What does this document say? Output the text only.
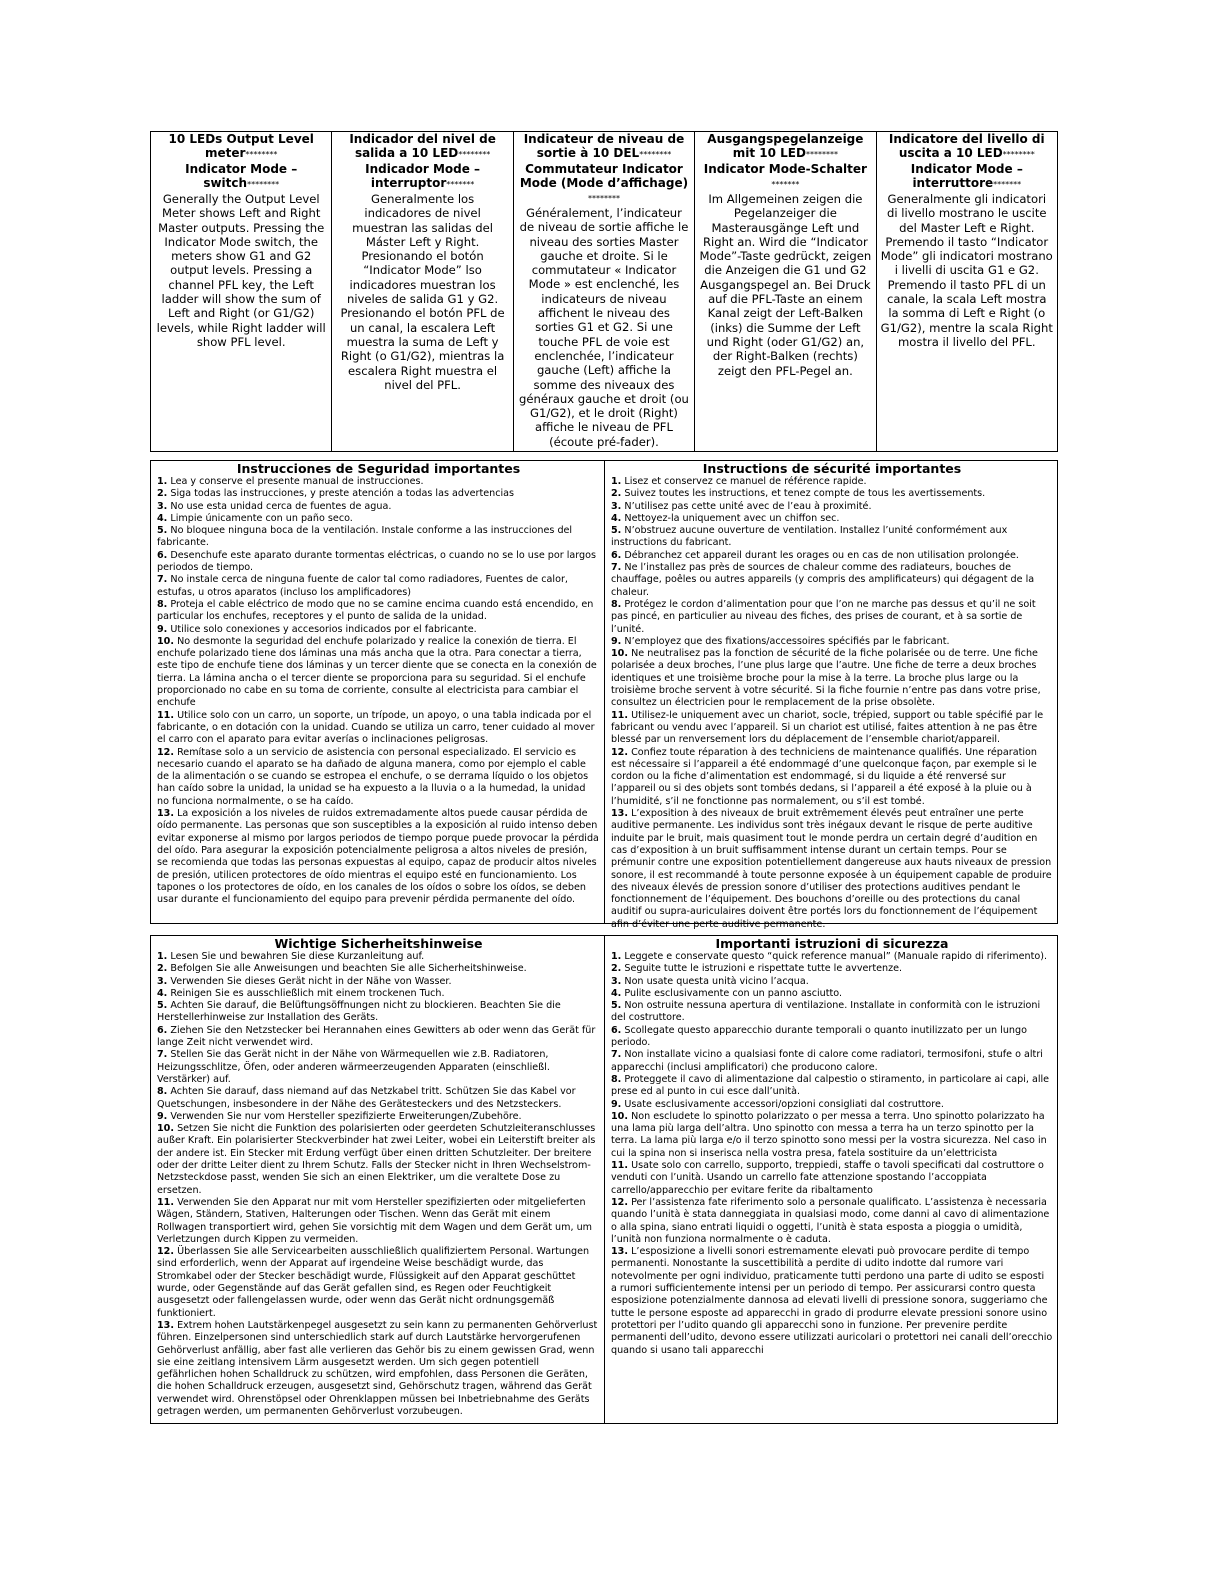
10 LEDs Output Level
meter********
Indicator Mode –
switch********
Generally the Output Level Meter shows Left and Right Master outputs. Pressing the Indicator Mode switch, the meters show G1 and G2 output levels. Pressing a channel PFL key, the Left ladder will show the sum of Left and Right (or G1/G2) levels, while Right ladder will show PFL level.

Indicador del nivel de
salida a 10 LED********
Indicador Mode –
interruptor*******
Generalmente los indicadores de nivel muestran las salidas del Máster Left y Right. Presionando el botón “Indicator Mode” lso indicadores muestran los niveles de salida G1 y G2. Presionando el botón PFL de un canal, la escalera Left muestra la suma de Left y Right (o G1/G2), mientras la escalera Right muestra el nivel del PFL.

Indicateur de niveau de
sortie à 10 DEL********
Commutateur Indicator
Mode (Mode d’affichage)
********
Généralement, l’indicateur de niveau de sortie affiche le niveau des sorties Master gauche et droite. Si le commutateur « Indicator Mode » est enclenché, les indicateurs de niveau affichent le niveau des sorties G1 et G2. Si une touche PFL de voie est enclenchée, l’indicateur gauche (Left) affiche la somme des niveaux des généraux gauche et droit (ou G1/G2), et le droit (Right) affiche le niveau de PFL (écoute pré-fader).

Ausgangspegelanzeige
mit 10 LED********
Indicator Mode-Schalter
*******
Im Allgemeinen zeigen die Pegelanzeiger die Masterausgänge Left und Right an. Wird die “Indicator Mode”-Taste gedrückt, zeigen die Anzeigen die G1 und G2 Ausgangspegel an. Bei Druck auf die PFL-Taste an einem Kanal zeigt der Left-Balken (inks) die Summe der Left und Right (oder G1/G2) an, der Right-Balken (rechts) zeigt den PFL-Pegel an.

Indicatore del livello di
uscita a 10 LED********
Indicator Mode –
interruttore*******
Generalmente gli indicatori di livello mostrano le uscite del Master Left e Right. Premendo il tasto “Indicator Mode” gli indicatori mostrano i livelli di uscita G1 e G2. Premendo il tasto PFL di un canale, la scala Left mostra la somma di Left e Right (o G1/G2), mentre la scala Right mostra il livello del PFL.
Instrucciones de Seguridad importantes
1. Lea y conserve el presente manual de instrucciones.
2. Siga todas las instrucciones, y preste atención a todas las advertencias
3. No use esta unidad cerca de fuentes de agua.
4. Limpie únicamente con un paño seco.
5. No bloquee ninguna boca de la ventilación. Instale conforme a las instrucciones del fabricante.
6. Desenchufe este aparato durante tormentas eléctricas, o cuando no se lo use por largos periodos de tiempo.
7. No instale cerca de ninguna fuente de calor tal como radiadores, Fuentes de calor, estufas, u otros aparatos (incluso los amplificadores)
8. Proteja el cable eléctrico de modo que no se camine encima cuando está encendido, en particular los enchufes, receptores y el punto de salida de la unidad.
9. Utilice solo conexiones y accesorios indicados por el fabricante.
10. No desmonte la seguridad del enchufe polarizado y realice la conexión de tierra. El enchufe polarizado tiene dos láminas una más ancha que la otra. Para conectar a tierra, este tipo de enchufe tiene dos láminas y un tercer diente que se conecta en la conexión de tierra. La lámina ancha o el tercer diente se proporciona para su seguridad. Si el enchufe proporcionado no cabe en su toma de corriente, consulte al electricista para cambiar el enchufe
11. Utilice solo con un carro, un soporte, un trípode, un apoyo, o una tabla indicada por el fabricante, o en dotación con la unidad. Cuando se utiliza un carro, tener cuidado al mover el carro con el aparato para evitar averías o inclinaciones peligrosas.
12. Remítase solo a un servicio de asistencia con personal especializado. El servicio es necesario cuando el aparato se ha dañado de alguna manera, como por ejemplo el cable de la alimentación o se cuando se estropea el enchufe, o se derrama líquido o los objetos han caído sobre la unidad, la unidad se ha expuesto a la lluvia o a la humedad, la unidad no funciona normalmente, o se ha caído.
13. La exposición a los niveles de ruidos extremadamente altos puede causar pérdida de oído permanente. Las personas que son susceptibles a la exposición al ruido intenso deben evitar exponerse al mismo por largos periodos de tiempo porque puede provocar la pérdida del oído. Para asegurar la exposición potencialmente peligrosa a altos niveles de presión, se recomienda que todas las personas expuestas al equipo, capaz de producir altos niveles de presión, utilicen protectores de oído mientras el equipo esté en funcionamiento. Los tapones o los protectores de oído, en los canales de los oídos o sobre los oídos, se deben usar durante el funcionamiento del equipo para prevenir pérdida permanente del oído.
Instructions de sécurité importantes
1. Lisez et conservez ce manuel de référence rapide.
2. Suivez toutes les instructions, et tenez compte de tous les avertissements.
3. N’utilisez pas cette unité avec de l’eau à proximité.
4. Nettoyez-la uniquement avec un chiffon sec.
5. N’obstruez aucune ouverture de ventilation. Installez l’unité conformément aux instructions du fabricant.
6. Débranchez cet appareil durant les orages ou en cas de non utilisation prolongée.
7. Ne l’installez pas près de sources de chaleur comme des radiateurs, bouches de chauffage, poêles ou autres appareils (y compris des amplificateurs) qui dégagent de la chaleur.
8. Protégez le cordon d’alimentation pour que l’on ne marche pas dessus et qu’il ne soit pas pincé, en particulier au niveau des fiches, des prises de courant, et à sa sortie de l’unité.
9. N’employez que des fixations/accessoires spécifiés par le fabricant.
10. Ne neutralisez pas la fonction de sécurité de la fiche polarisée ou de terre. Une fiche polarisée a deux broches, l’une plus large que l’autre. Une fiche de terre a deux broches identiques et une troisième broche pour la mise à la terre. La broche plus large ou la troisième broche servent à votre sécurité. Si la fiche fournie n’entre pas dans votre prise, consultez un électricien pour le remplacement de la prise obsolète.
11. Utilisez-le uniquement avec un chariot, socle, trépied, support ou table spécifié par le fabricant ou vendu avec l’appareil. Si un chariot est utilisé, faites attention à ne pas être blessé par un renversement lors du déplacement de l’ensemble chariot/appareil.
12. Confiez toute réparation à des techniciens de maintenance qualifiés. Une réparation est nécessaire si l’appareil a été endommagé d’une quelconque façon, par exemple si le cordon ou la fiche d’alimentation est endommagé, si du liquide a été renversé sur l’appareil ou si des objets sont tombés dedans, si l’appareil a été exposé à la pluie ou à l’humidité, s’il ne fonctionne pas normalement, ou s’il est tombé.
13. L’exposition à des niveaux de bruit extrêmement élevés peut entraîner une perte auditive permanente. Les individus sont très inégaux devant le risque de perte auditive induite par le bruit, mais quasiment tout le monde perdra un certain degré d’audition en cas d’exposition à un bruit suffisamment intense durant un certain temps. Pour se prémunir contre une exposition potentiellement dangereuse aux hauts niveaux de pression sonore, il est recommandé à toute personne exposée à un équipement capable de produire des niveaux élevés de pression sonore d’utiliser des protections auditives pendant le fonctionnement de l’équipement. Des bouchons d’oreille ou des protections du canal auditif ou supra-auriculaires doivent être portés lors du fonctionnement de l’équipement afin d’éviter une perte auditive permanente.
Wichtige Sicherheitshinweise
1. Lesen Sie und bewahren Sie diese Kurzanleitung auf.
2. Befolgen Sie alle Anweisungen und beachten Sie alle Sicherheitshinweise.
3. Verwenden Sie dieses Gerät nicht in der Nähe von Wasser.
4. Reinigen Sie es ausschließlich mit einem trockenen Tuch.
5. Achten Sie darauf, die Belüftungsöffnungen nicht zu blockieren. Beachten Sie die Herstellerhinweise zur Installation des Geräts.
6. Ziehen Sie den Netzstecker bei Herannahen eines Gewitters ab oder wenn das Gerät für lange Zeit nicht verwendet wird.
7. Stellen Sie das Gerät nicht in der Nähe von Wärmequellen wie z.B. Radiatoren, Heizungsschlitze, Öfen, oder anderen wärmeerzeugenden Apparaten (einschließl. Verstärker) auf.
8. Achten Sie darauf, dass niemand auf das Netzkabel tritt. Schützen Sie das Kabel vor Quetschungen, insbesondere in der Nähe des Gerätesteckers und des Netzsteckers.
9. Verwenden Sie nur vom Hersteller spezifizierte Erweiterungen/Zubehöre.
10. Setzen Sie nicht die Funktion des polarisierten oder geerdeten Schutzleiteranschlusses außer Kraft. Ein polarisierter Steckverbinder hat zwei Leiter, wobei ein Leiterstift breiter als der andere ist. Ein Stecker mit Erdung verfügt über einen dritten Schutzleiter. Der breitere oder der dritte Leiter dient zu Ihrem Schutz. Falls der Stecker nicht in Ihren Wechselstrom-Netzsteckdose passt, wenden Sie sich an einen Elektriker, um die veraltete Dose zu ersetzen.
11. Verwenden Sie den Apparat nur mit vom Hersteller spezifizierten oder mitgelieferten Wägen, Ständern, Stativen, Halterungen oder Tischen. Wenn das Gerät mit einem Rollwagen transportiert wird, gehen Sie vorsichtig mit dem Wagen und dem Gerät um, um Verletzungen durch Kippen zu vermeiden.
12. Überlassen Sie alle Servicearbeiten ausschließlich qualifiziertem Personal. Wartungen sind erforderlich, wenn der Apparat auf irgendeine Weise beschädigt wurde, das Stromkabel oder der Stecker beschädigt wurde, Flüssigkeit auf den Apparat geschüttet wurde, oder Gegenstände auf das Gerät gefallen sind, es Regen oder Feuchtigkeit ausgesetzt oder fallengelassen wurde, oder wenn das Gerät nicht ordnungsgemäß funktioniert.
13. Extrem hohen Lautstärkenpegel ausgesetzt zu sein kann zu permanenten Gehörverlust führen. Einzelpersonen sind unterschiedlich stark auf durch Lautstärke hervorgerufenen Gehörverlust anfällig, aber fast alle verlieren das Gehör bis zu einem gewissen Grad, wenn sie eine zeitlang intensivem Lärm ausgesetzt werden. Um sich gegen potentiell gefährlichen hohen Schalldruck zu schützen, wird empfohlen, dass Personen die Geräten, die hohen Schalldruck erzeugen, ausgesetzt sind, Gehörschutz tragen, während das Gerät verwendet wird. Ohrenstöpsel oder Ohrenklappen müssen bei Inbetriebnahme des Geräts getragen werden, um permanenten Gehörverlust vorzubeugen.
Importanti istruzioni di sicurezza
1. Leggete e conservate questo “quick reference manual” (Manuale rapido di riferimento).
2. Seguite tutte le istruzioni e rispettate tutte le avvertenze.
3. Non usate questa unità vicino l’acqua.
4. Pulite esclusivamente con un panno asciutto.
5. Non ostruite nessuna apertura di ventilazione. Installate in conformità con le istruzioni del costruttore.
6. Scollegate questo apparecchio durante temporali o quanto inutilizzato per un lungo periodo.
7. Non installate vicino a qualsiasi fonte di calore come radiatori, termosifoni, stufe o altri apparecchi (inclusi amplificatori) che producono calore.
8. Proteggete il cavo di alimentazione dal calpestio o stiramento, in particolare ai capi, alle prese ed al punto in cui esce dall’unità.
9. Usate esclusivamente accessori/opzioni consigliati dal costruttore.
10. Non escludete lo spinotto polarizzato o per messa a terra. Uno spinotto polarizzato ha una lama più larga dell’altra. Uno spinotto con messa a terra ha un terzo spinotto per la terra. La lama più larga e/o il terzo spinotto sono messi per la vostra sicurezza. Nel caso in cui la spina non si inserisca nella vostra presa, fatela sostituire da un’elettricista
11. Usate solo con carrello, supporto, treppiedi, staffe o tavoli specificati dal costruttore o venduti con l’unità. Usando un carrello fate attenzione spostando l’accoppiata carrello/apparecchio per evitare ferite da ribaltamento
12. Per l’assistenza fate riferimento solo a personale qualificato. L’assistenza è necessaria quando l’unità è stata danneggiata in qualsiasi modo, come danni al cavo di alimentazione o alla spina, siano entrati liquidi o oggetti, l’unità è stata esposta a pioggia o umidità, l’unità non funziona normalmente o è caduta.
13. L’esposizione a livelli sonori estremamente elevati può provocare perdite di tempo permanenti. Nonostante la suscettibilità a perdite di udito indotte dal rumore vari notevolmente per ogni individuo, praticamente tutti perdono una parte di udito se esposti a rumori sufficientemente intensi per un periodo di tempo. Per assicurarsi contro questa esposizione potenzialmente dannosa ad elevati livelli di pressione sonora, suggeriamo che tutte le persone esposte ad apparecchi in grado di produrre elevate pressioni sonore usino protettori per l’udito quando gli apparecchi sono in funzione. Per prevenire perdite permanenti dell’udito, devono essere utilizzati auricolari o protettori nei canali dell’orecchio quando si usano tali apparecchi
